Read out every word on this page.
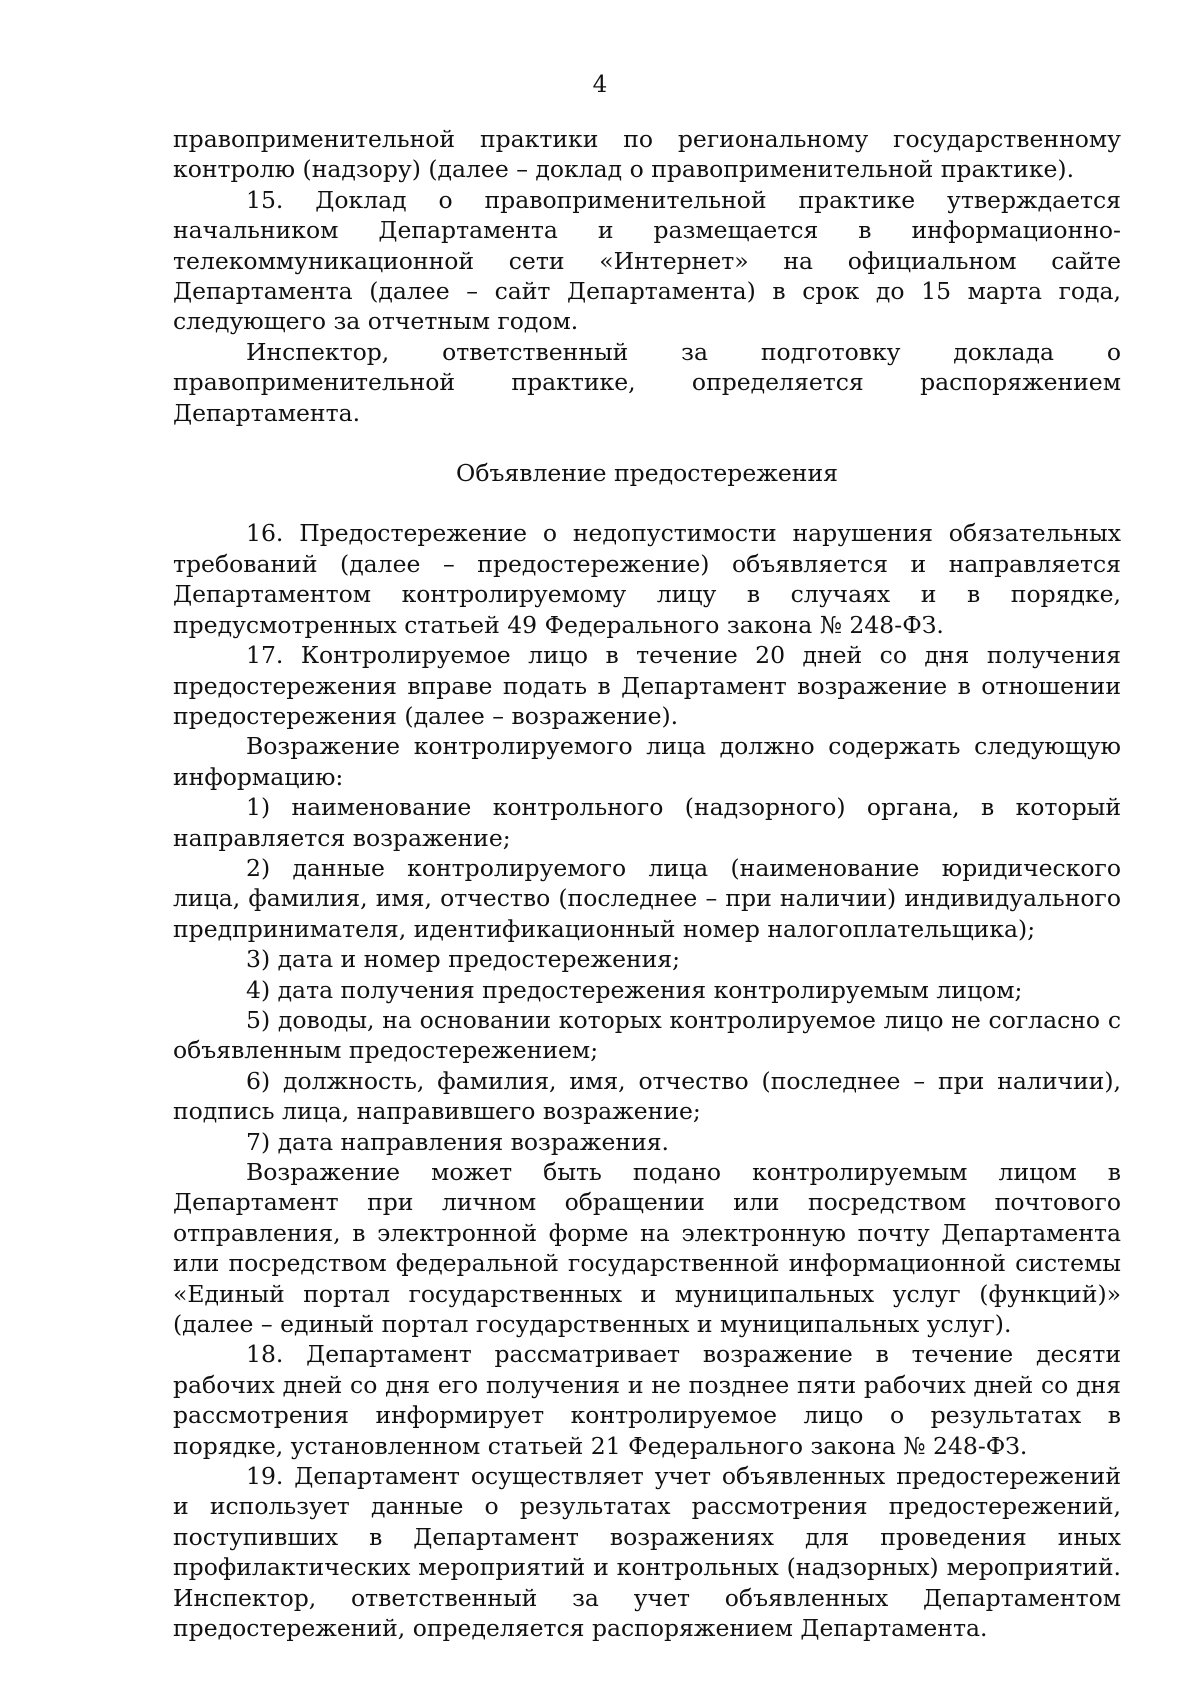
4

правоприменительной практики по региональному государственному контролю (надзору) (далее – доклад о правоприменительной практике).

15. Доклад о правоприменительной практике утверждается начальником Департамента и размещается в информационно-телекоммуникационной сети «Интернет» на официальном сайте Департамента (далее – сайт Департамента) в срок до 15 марта года, следующего за отчетным годом.

Инспектор, ответственный за подготовку доклада о правоприменительной практике, определяется распоряжением Департамента.

Объявление предостережения

16. Предостережение о недопустимости нарушения обязательных требований (далее – предостережение) объявляется и направляется Департаментом контролируемому лицу в случаях и в порядке, предусмотренных статьей 49 Федерального закона № 248-ФЗ.

17. Контролируемое лицо в течение 20 дней со дня получения предостережения вправе подать в Департамент возражение в отношении предостережения (далее – возражение).

Возражение контролируемого лица должно содержать следующую информацию:

1) наименование контрольного (надзорного) органа, в который направляется возражение;

2) данные контролируемого лица (наименование юридического лица, фамилия, имя, отчество (последнее – при наличии) индивидуального предпринимателя, идентификационный номер налогоплательщика);

3) дата и номер предостережения;

4) дата получения предостережения контролируемым лицом;

5) доводы, на основании которых контролируемое лицо не согласно с объявленным предостережением;

6) должность, фамилия, имя, отчество (последнее – при наличии), подпись лица, направившего возражение;

7) дата направления возражения.

Возражение может быть подано контролируемым лицом в Департамент при личном обращении или посредством почтового отправления, в электронной форме на электронную почту Департамента или посредством федеральной государственной информационной системы «Единый портал государственных и муниципальных услуг (функций)» (далее – единый портал государственных и муниципальных услуг).

18. Департамент рассматривает возражение в течение десяти рабочих дней со дня его получения и не позднее пяти рабочих дней со дня рассмотрения информирует контролируемое лицо о результатах в порядке, установленном статьей 21 Федерального закона № 248-ФЗ.

19. Департамент осуществляет учет объявленных предостережений и использует данные о результатах рассмотрения предостережений, поступивших в Департамент возражениях для проведения иных профилактических мероприятий и контрольных (надзорных) мероприятий. Инспектор, ответственный за учет объявленных Департаментом предостережений, определяется распоряжением Департамента.
